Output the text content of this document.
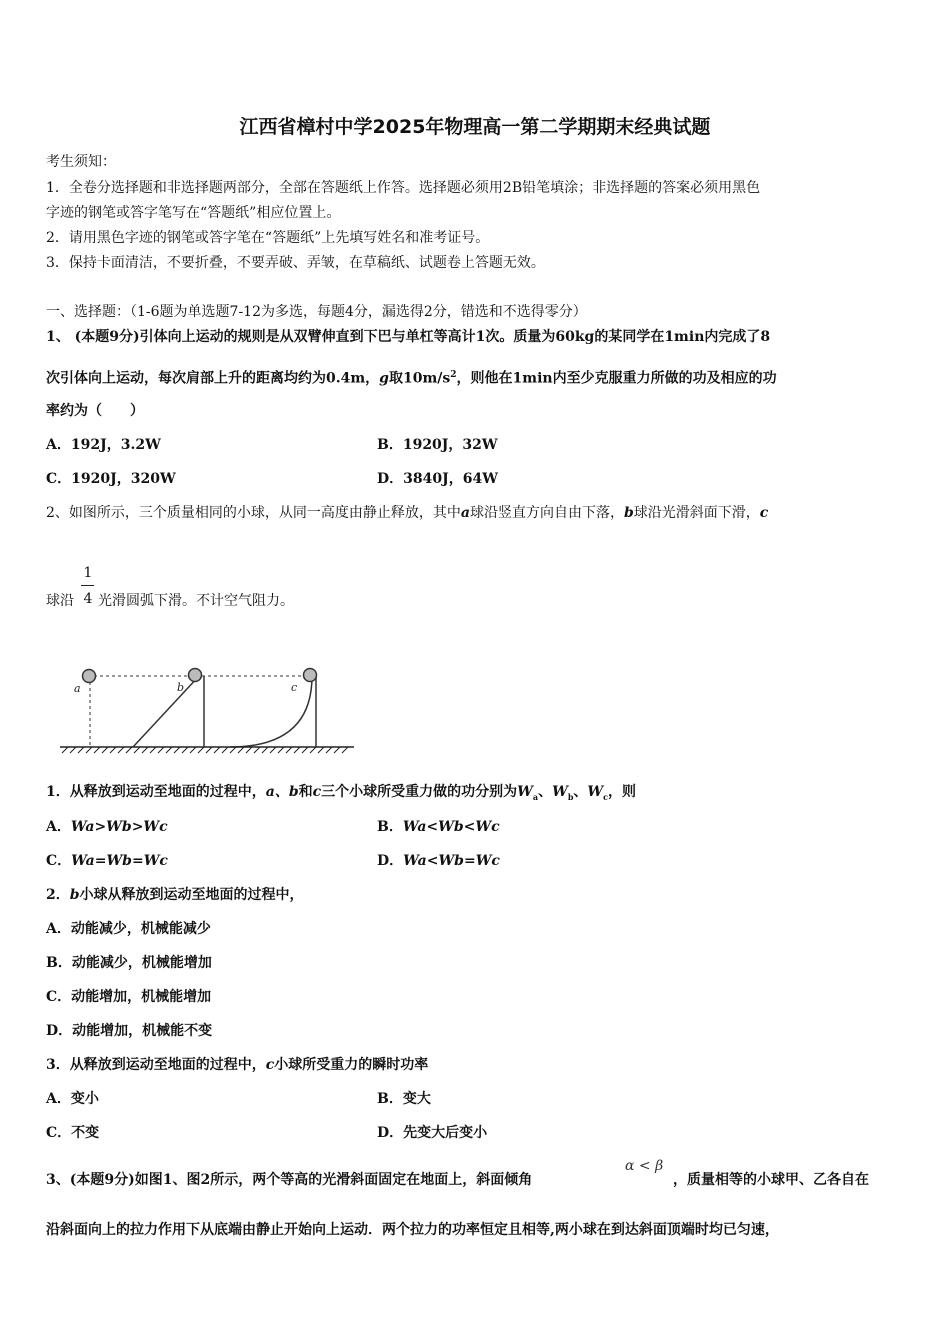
江西省樟村中学2025年物理高一第二学期期末经典试题
考生须知：
1．全卷分选择题和非选择题两部分，全部在答题纸上作答。选择题必须用2B铅笔填涂；非选择题的答案必须用黑色
字迹的钢笔或答字笔写在“答题纸”相应位置上。
2．请用黑色字迹的钢笔或答字笔在“答题纸”上先填写姓名和准考证号。
3．保持卡面清洁，不要折叠，不要弄破、弄皱，在草稿纸、试题卷上答题无效。
一、选择题：（1-6题为单选题7-12为多选，每题4分，漏选得2分，错选和不选得零分）
1、 (本题9分)引体向上运动的规则是从双臂伸直到下巴与单杠等高计1次。质量为60kg的某同学在1min内完成了8
次引体向上运动，每次肩部上升的距离均约为0.4m，g取$10m/s^2$，则他在1min内至少克服重力所做的功及相应的功
率约为（　　）
A．192J，3.2W	B．1920J，32W
C．1920J，320W	D．3840J，64W
2、如图所示，三个质量相同的小球，从同一高度由静止释放，其中a球沿竖直方向自由下落，b球沿光滑斜面下滑，c
1
4
球沿 光滑圆弧下滑。不计空气阻力。
a	b	c
1．从释放到运动至地面的过程中，a、b和c三个小球所受重力做的功分别为$W_a$、$W_b$、$W_c$，则
A．Wa>Wb>Wc	B．Wa<Wb<Wc
C．Wa=Wb=Wc	D．Wa<Wb=Wc
2．b小球从释放到运动至地面的过程中，
A．动能减少，机械能减少
B．动能减少，机械能增加
C．动能增加，机械能增加
D．动能增加，机械能不变
3．从释放到运动至地面的过程中，c小球所受重力的瞬时功率
A．变小	B．变大
C．不变	D．先变大后变小
3、(本题9分)如图1、图2所示，两个等高的光滑斜面固定在地面上，斜面倾角
α < β
，质量相等的小球甲、乙各自在
沿斜面向上的拉力作用下从底端由静止开始向上运动．两个拉力的功率恒定且相等,两小球在到达斜面顶端时均已匀速，
